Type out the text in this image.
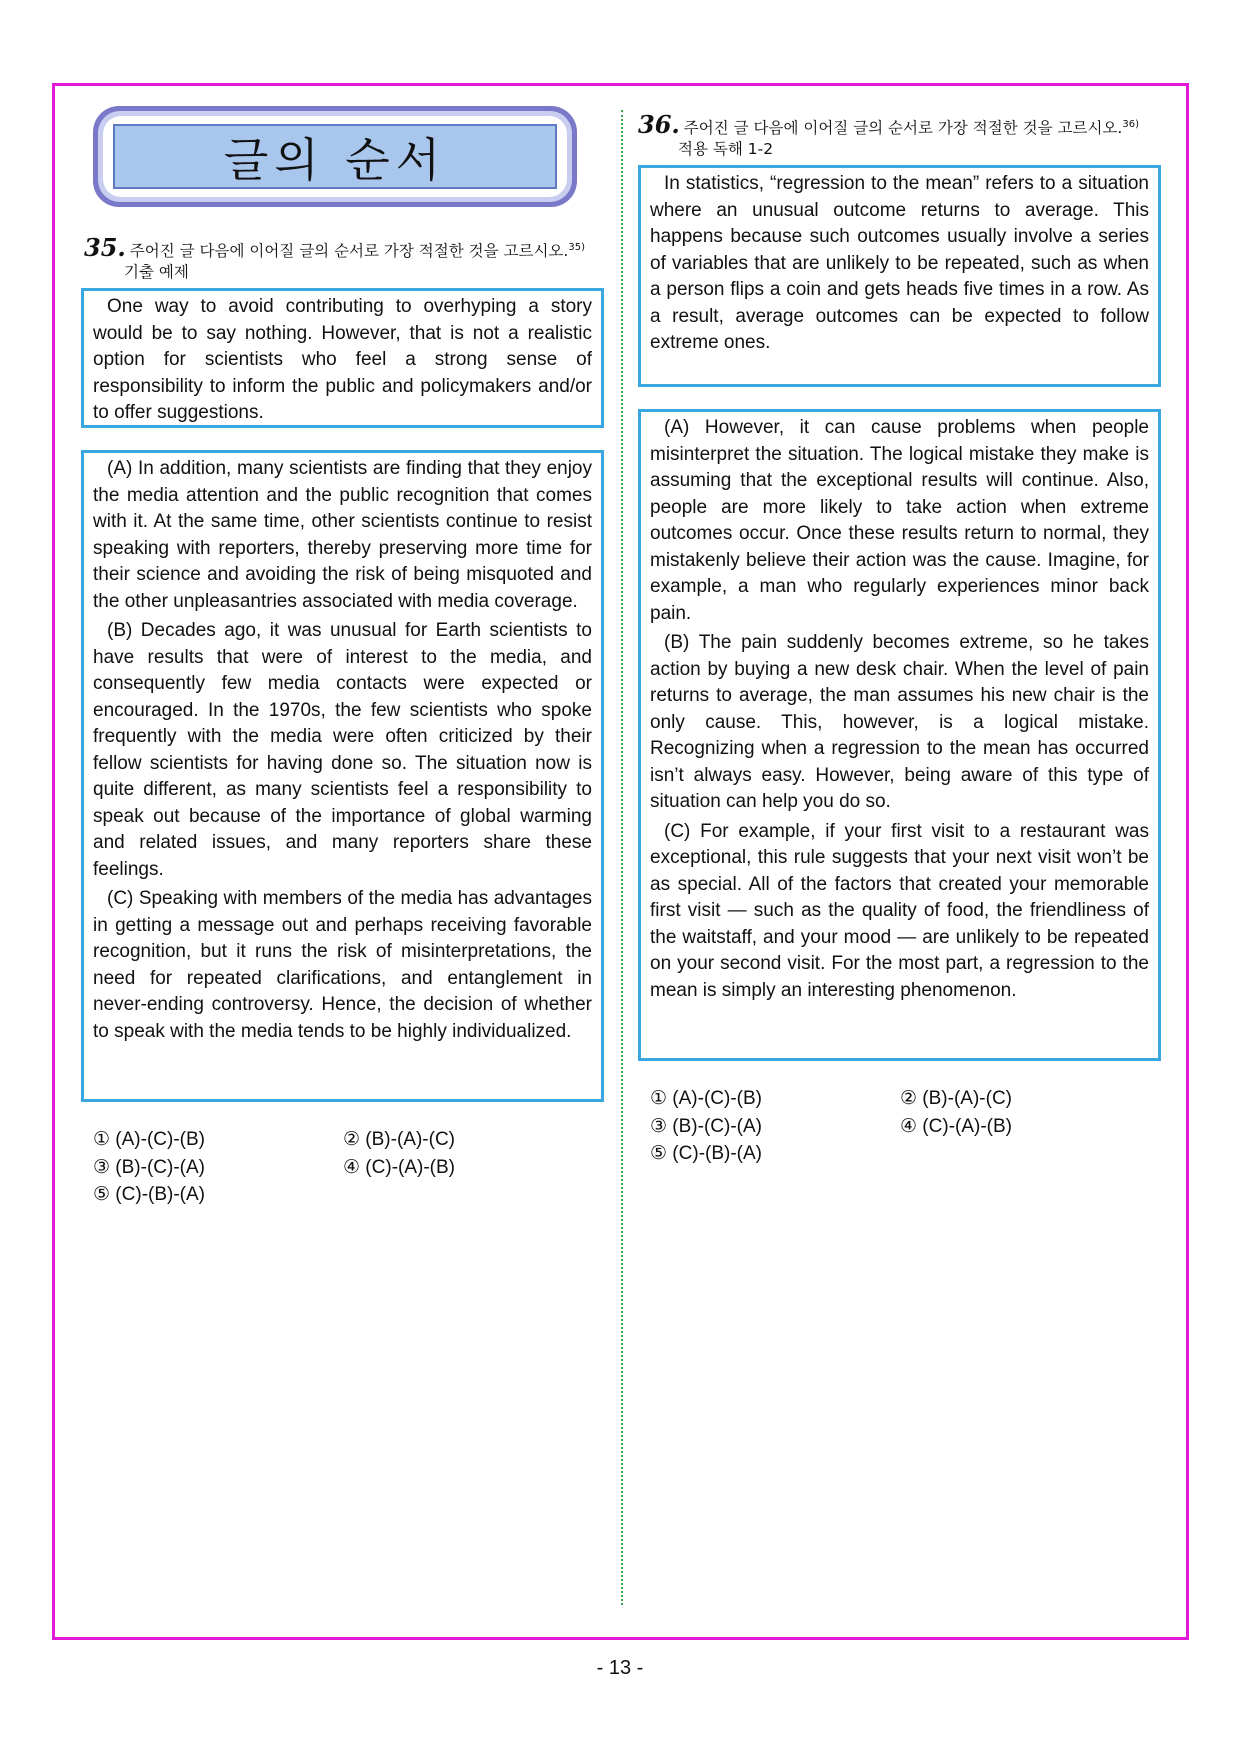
글의 순서
35. 주어진 글 다음에 이어질 글의 순서로 가장 적절한 것을 고르시오.$^{35)}$
기출 예제

One way to avoid contributing to overhyping a story would be to say nothing. However, that is not a realistic option for scientists who feel a strong sense of responsibility to inform the public and policymakers and/or to offer suggestions.

(A) In addition, many scientists are finding that they enjoy the media attention and the public recognition that comes with it. At the same time, other scientists continue to resist speaking with reporters, thereby preserving more time for their science and avoiding the risk of being misquoted and the other unpleasantries associated with media coverage.

(B) Decades ago, it was unusual for Earth scientists to have results that were of interest to the media, and consequently few media contacts were expected or encouraged. In the 1970s, the few scientists who spoke frequently with the media were often criticized by their fellow scientists for having done so. The situation now is quite different, as many scientists feel a responsibility to speak out because of the importance of global warming and related issues, and many reporters share these feelings.

(C) Speaking with members of the media has advantages in getting a message out and perhaps receiving favorable recognition, but it runs the risk of misinterpretations, the need for repeated clarifications, and entanglement in never-ending controversy. Hence, the decision of whether to speak with the media tends to be highly individualized.

① (A)-(C)-(B)	② (B)-(A)-(C)
③ (B)-(C)-(A)	④ (C)-(A)-(B)
⑤ (C)-(B)-(A)
36. 주어진 글 다음에 이어질 글의 순서로 가장 적절한 것을 고르시오.$^{36)}$
적용 독해 1-2

In statistics, “regression to the mean” refers to a situation where an unusual outcome returns to average. This happens because such outcomes usually involve a series of variables that are unlikely to be repeated, such as when a person flips a coin and gets heads five times in a row. As a result, average outcomes can be expected to follow extreme ones.

(A) However, it can cause problems when people misinterpret the situation. The logical mistake they make is assuming that the exceptional results will continue. Also, people are more likely to take action when extreme outcomes occur. Once these results return to normal, they mistakenly believe their action was the cause. Imagine, for example, a man who regularly experiences minor back pain.

(B) The pain suddenly becomes extreme, so he takes action by buying a new desk chair. When the level of pain returns to average, the man assumes his new chair is the only cause. This, however, is a logical mistake. Recognizing when a regression to the mean has occurred isn’t always easy. However, being aware of this type of situation can help you do so.

(C) For example, if your first visit to a restaurant was exceptional, this rule suggests that your next visit won’t be as special. All of the factors that created your memorable first visit — such as the quality of food, the friendliness of the waitstaff, and your mood — are unlikely to be repeated on your second visit. For the most part, a regression to the mean is simply an interesting phenomenon.

① (A)-(C)-(B)	② (B)-(A)-(C)
③ (B)-(C)-(A)	④ (C)-(A)-(B)
⑤ (C)-(B)-(A)
- 13 -
